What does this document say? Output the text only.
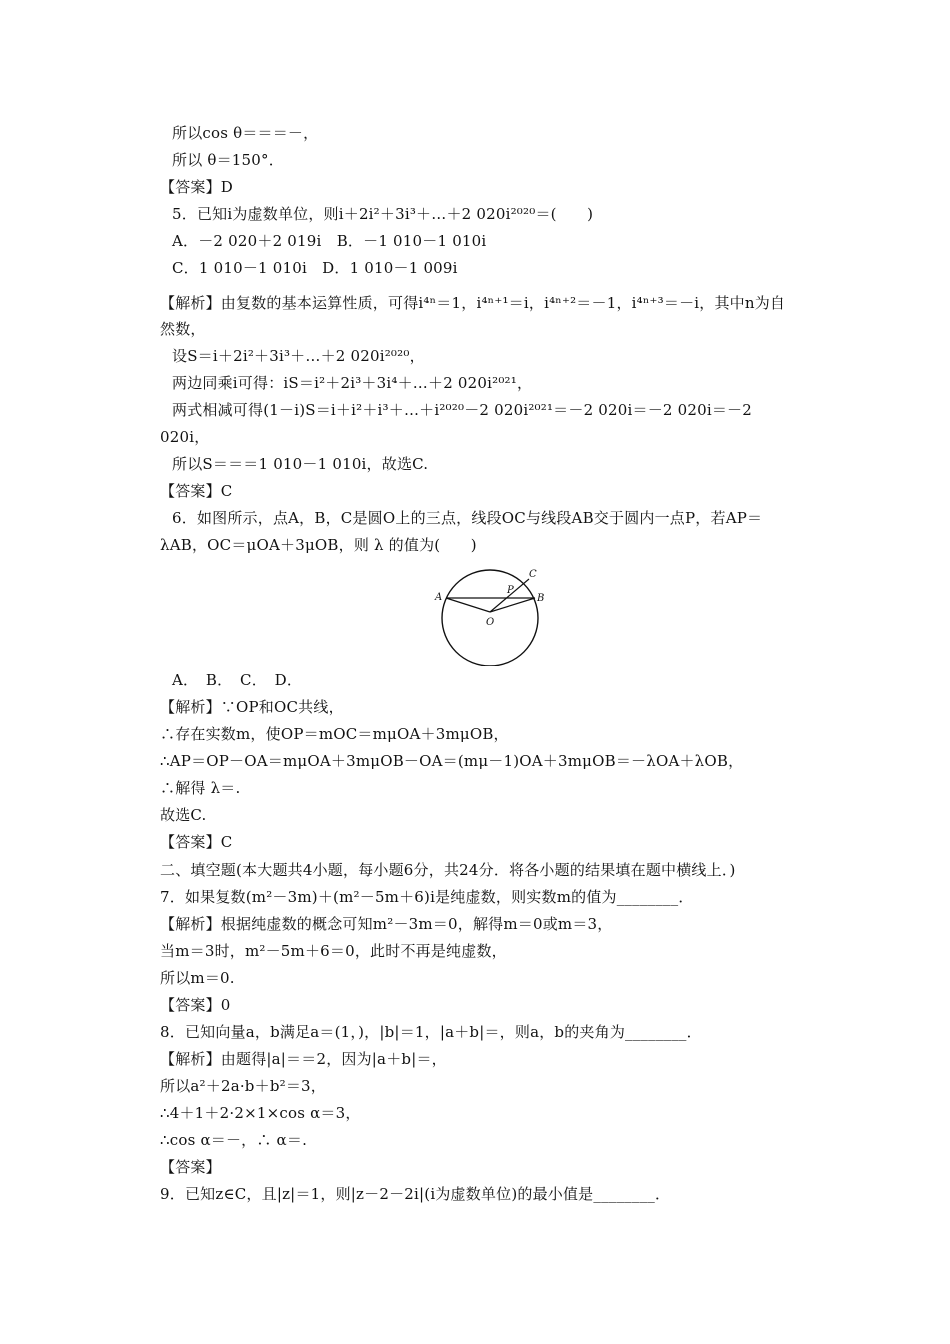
所以cos θ＝＝＝－，
所以 θ＝150°．
【答案】D
5．已知i为虚数单位，则i＋2i²＋3i³＋…＋2 020i²⁰²⁰＝(　　)
A．－2 020＋2 019i　B．－1 010－1 010i
C．1 010－1 010i　D．1 010－1 009i
【解析】由复数的基本运算性质，可得i⁴ⁿ＝1，i⁴ⁿ⁺¹＝i，i⁴ⁿ⁺²＝－1，i⁴ⁿ⁺³＝－i，其中n为自
然数，
设S＝i＋2i²＋3i³＋…＋2 020i²⁰²⁰，
两边同乘i可得：iS＝i²＋2i³＋3i⁴＋…＋2 020i²⁰²¹，
两式相减可得(1－i)S＝i＋i²＋i³＋…＋i²⁰²⁰－2 020i²⁰²¹＝－2 020i＝－2 020i＝－2
020i，
所以S＝＝＝1 010－1 010i，故选C.
【答案】C
6．如图所示，点A，B，C是圆O上的三点，线段OC与线段AB交于圆内一点P，若AP＝
λAB，OC＝μOA＋3μOB，则 λ 的值为(　　)
A．　B．　C．　D．
【解析】∵OP和OC共线，
∴存在实数m，使OP＝mOC＝mμOA＋3mμOB，
∴AP＝OP－OA＝mμOA＋3mμOB－OA＝(mμ－1)OA＋3mμOB＝－λOA＋λOB，
∴解得 λ＝.
故选C.
【答案】C
二、填空题(本大题共4小题，每小题6分，共24分．将各小题的结果填在题中横线上．)
7．如果复数(m²－3m)＋(m²－5m＋6)i是纯虚数，则实数m的值为________．
【解析】根据纯虚数的概念可知m²－3m＝0，解得m＝0或m＝3，
当m＝3时，m²－5m＋6＝0，此时不再是纯虚数，
所以m＝0.
【答案】0
8．已知向量a，b满足a＝(1，)，|b|＝1，|a＋b|＝，则a，b的夹角为________．
【解析】由题得|a|＝＝2，因为|a＋b|＝，
所以a²＋2a·b＋b²＝3，
∴4＋1＋2·2×1×cos α＝3，
∴cos α＝－，∴ α＝.
【答案】
9．已知z∈C，且|z|＝1，则|z－2－2i|(i为虚数单位)的最小值是________．
A	B
C
P
O
